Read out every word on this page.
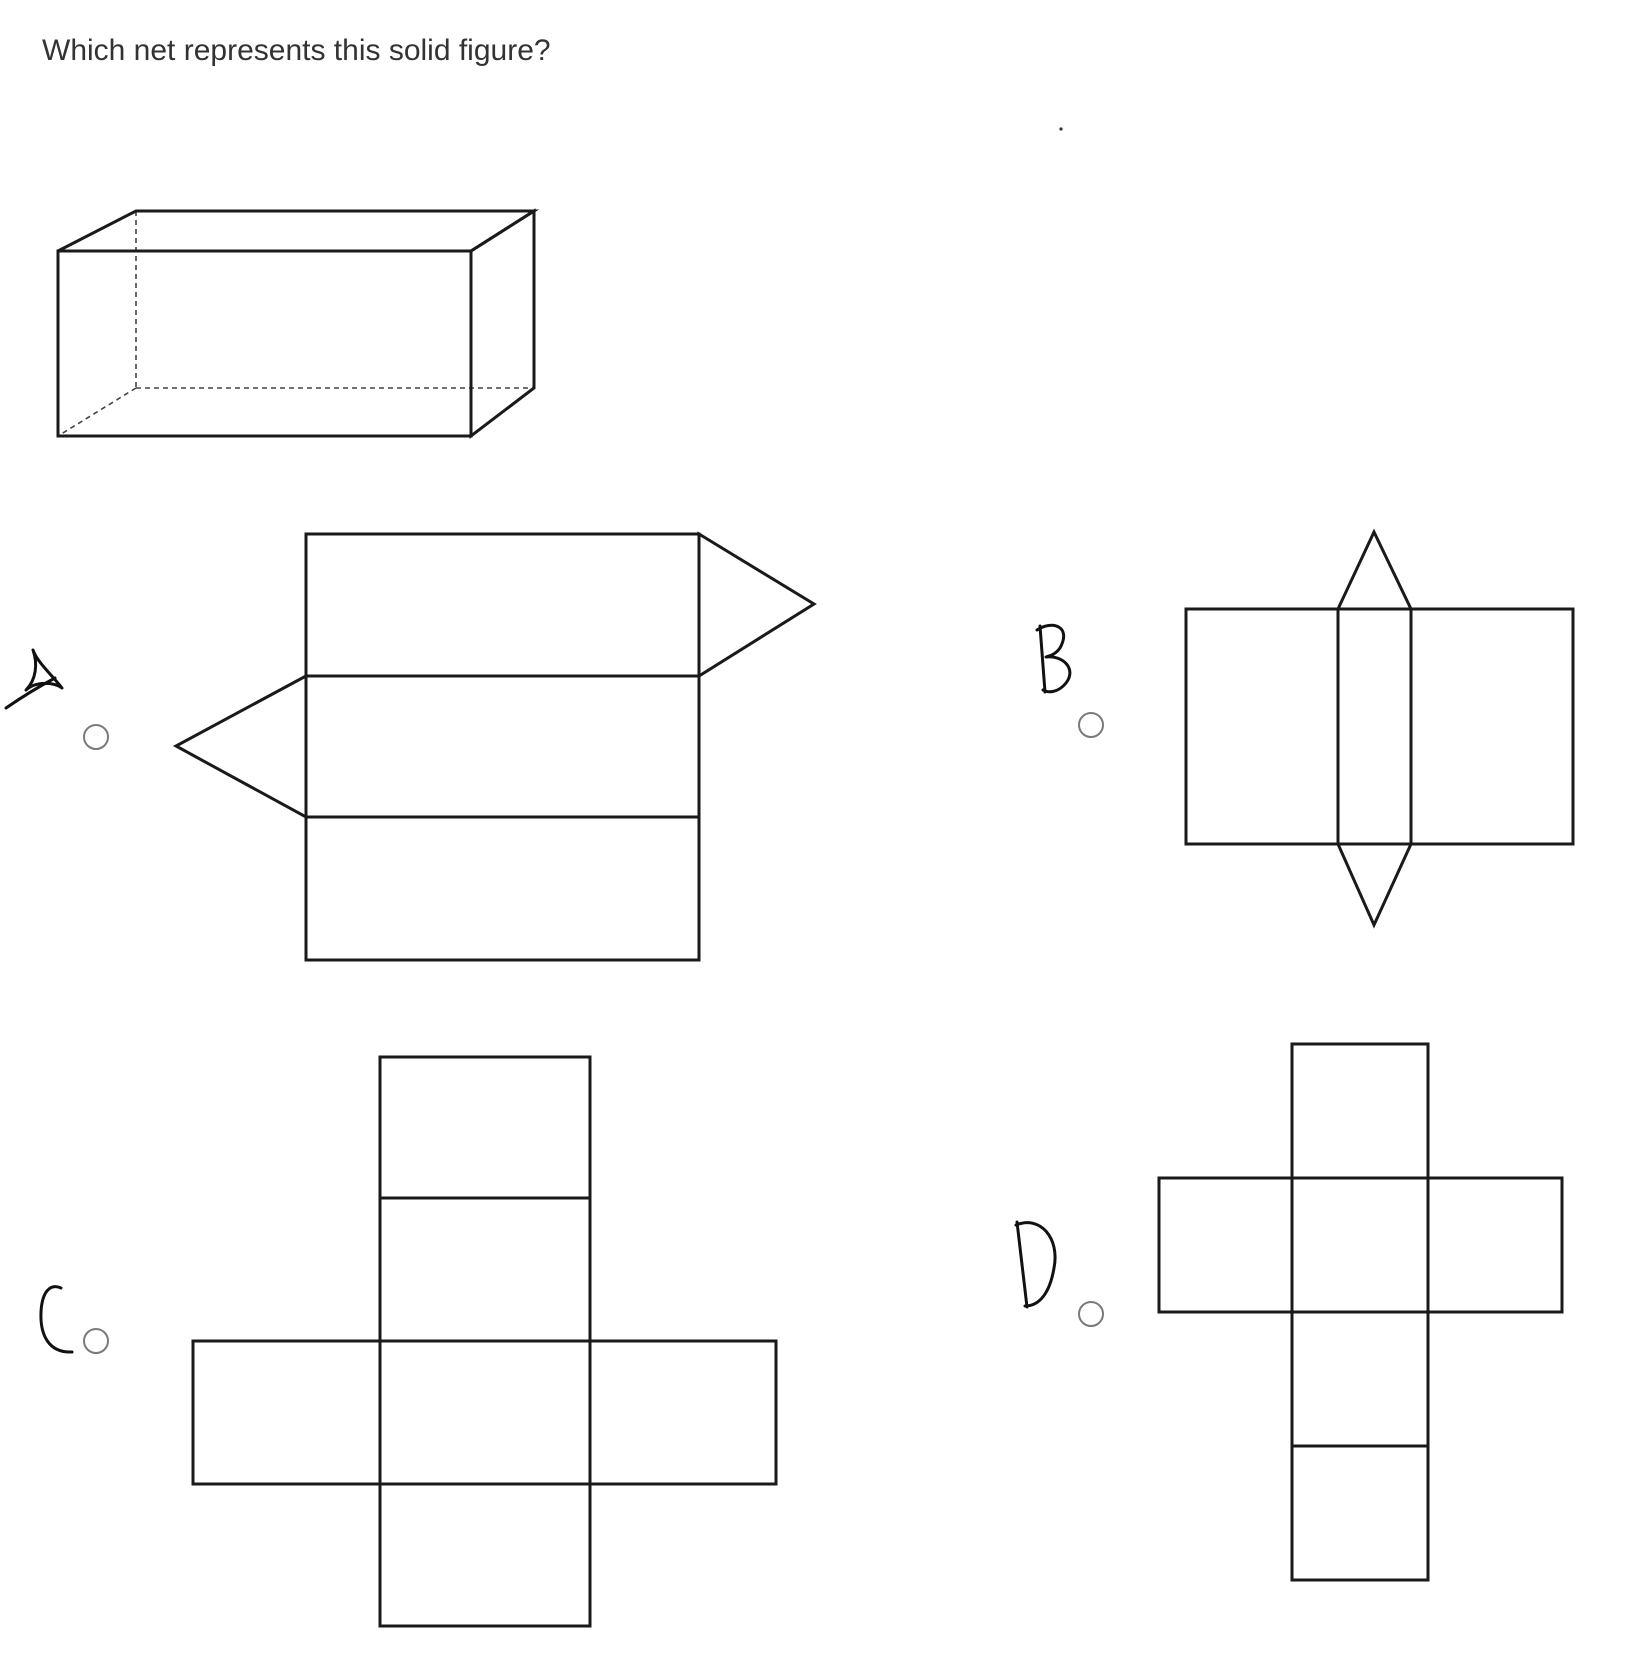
Which net represents this solid figure?
